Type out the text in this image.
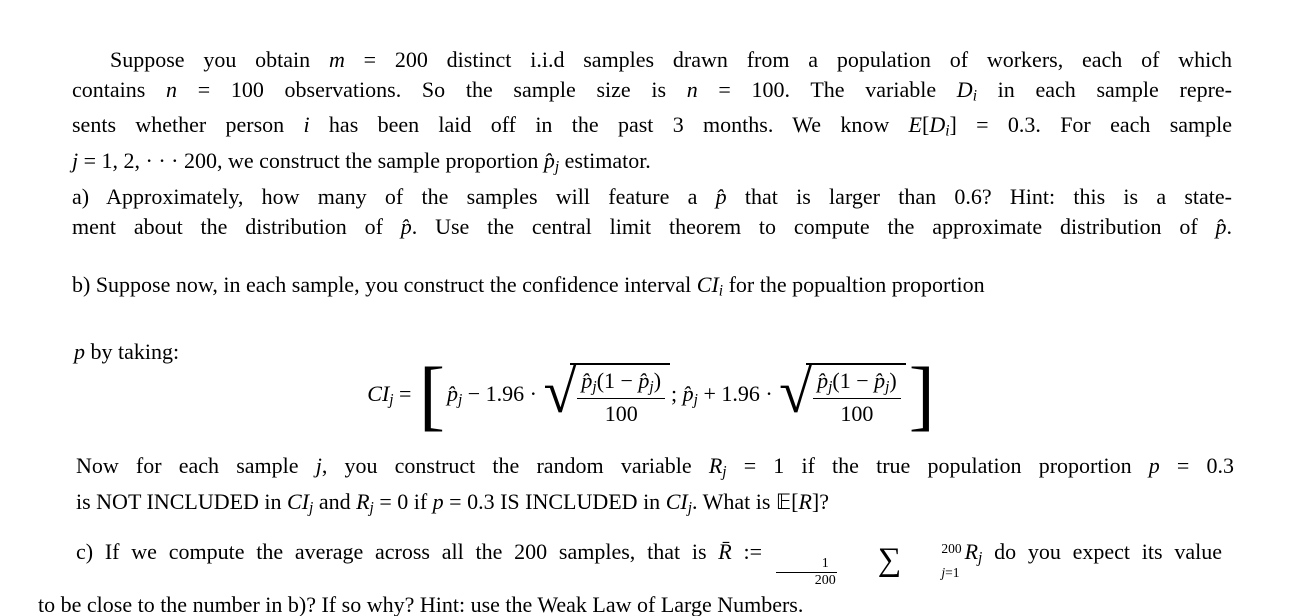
Suppose you obtain m = 200 distinct i.i.d samples drawn from a population of workers, each of which
contains n = 100 observations. So the sample size is n = 100. The variable Di in each sample repre-
sents whether person i has been laid off in the past 3 months. We know E[Di] = 0.3. For each sample
j = 1, 2, · · · 200, we construct the sample proportion p̂j estimator.
a) Approximately, how many of the samples will feature a p̂ that is larger than 0.6? Hint: this is a state-
ment about the distribution of p̂. Use the central limit theorem to compute the approximate distribution of p̂.
b) Suppose now, in each sample, you construct the confidence interval CIi for the popualtion proportion
p by taking:
CIj = [ p̂j − 1.96 · √ p̂j(1 − p̂j)
100
; p̂j + 1.96 · √ p̂j(1 − p̂j)
100 ]
Now for each sample j, you construct the random variable Rj = 1 if the true population proportion p = 0.3
is NOT INCLUDED in CIj and Rj = 0 if p = 0.3 IS INCLUDED in CIj. What is 𝔼[R]?
c) If we compute the average across all the 200 samples, that is R̄ :=
$\frac{1}{200}$	∑	200
j=1
Rj do you expect its value
to be close to the number in b)? If so why? Hint: use the Weak Law of Large Numbers.
